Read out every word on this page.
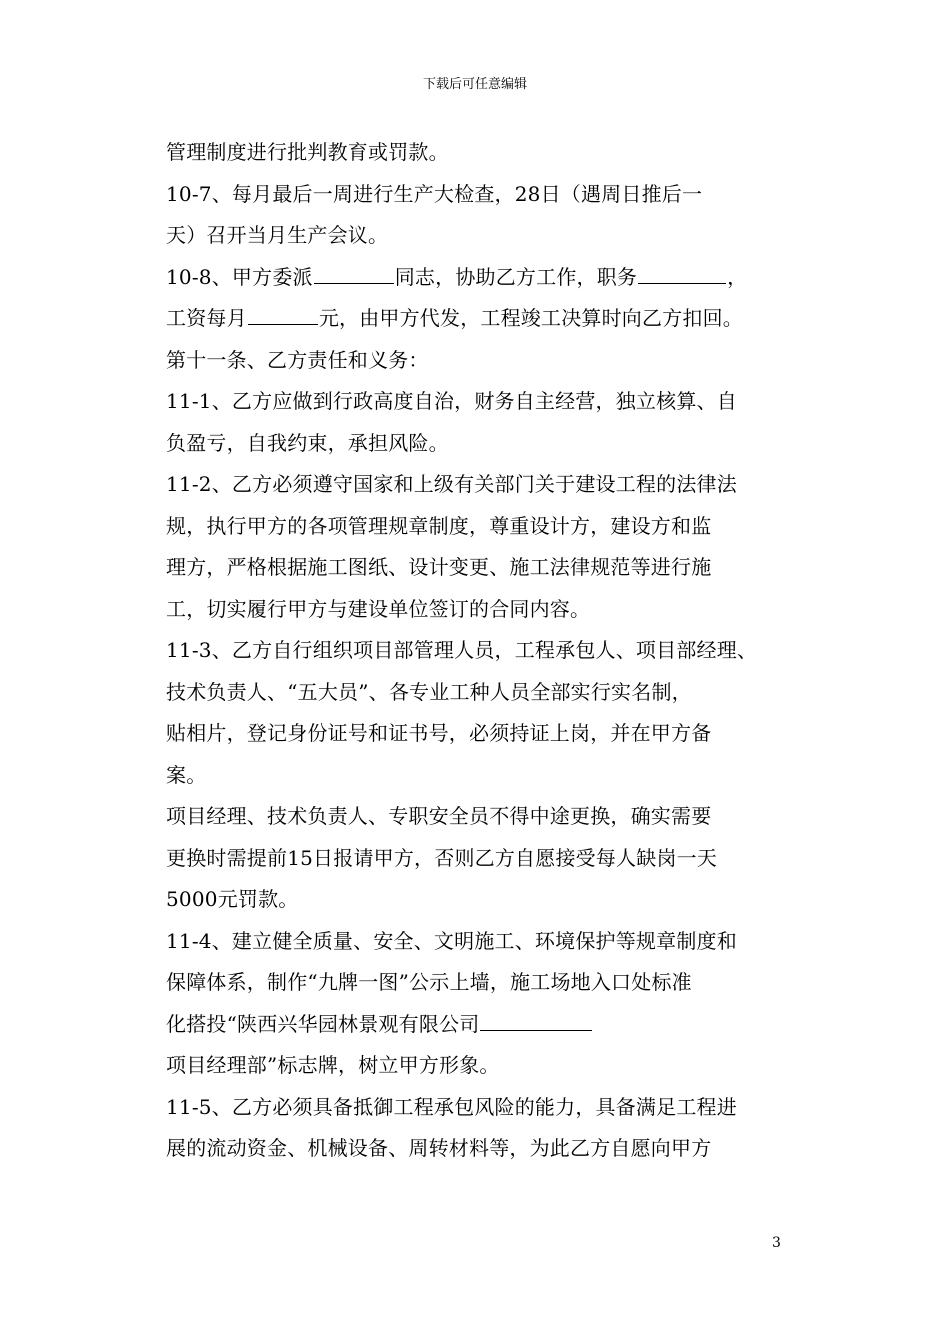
下载后可任意编辑
管理制度进行批判教育或罚款。
10-7、每月最后一周进行生产大检查，28日（遇周日推后一
天）召开当月生产会议。
10-8、甲方委派	同志，协助乙方工作，职务	，
工资每月	元，由甲方代发，工程竣工决算时向乙方扣回。
第十一条、乙方责任和义务：
11-1、乙方应做到行政高度自治，财务自主经营，独立核算、自
负盈亏，自我约束，承担风险。
11-2、乙方必须遵守国家和上级有关部门关于建设工程的法律法
规，执行甲方的各项管理规章制度，尊重设计方，建设方和监
理方，严格根据施工图纸、设计变更、施工法律规范等进行施
工，切实履行甲方与建设单位签订的合同内容。
11-3、乙方自行组织项目部管理人员，工程承包人、项目部经理、
技术负责人、“五大员”、各专业工种人员全部实行实名制，
贴相片，登记身份证号和证书号，必须持证上岗，并在甲方备
案。
项目经理、技术负责人、专职安全员不得中途更换，确实需要
更换时需提前15日报请甲方，否则乙方自愿接受每人缺岗一天
5000元罚款。
11-4、建立健全质量、安全、文明施工、环境保护等规章制度和
保障体系，制作“九牌一图”公示上墙，施工场地入口处标准
化搭投“陕西兴华园林景观有限公司
项目经理部”标志牌，树立甲方形象。
11-5、乙方必须具备抵御工程承包风险的能力，具备满足工程进
展的流动资金、机械设备、周转材料等，为此乙方自愿向甲方
3
